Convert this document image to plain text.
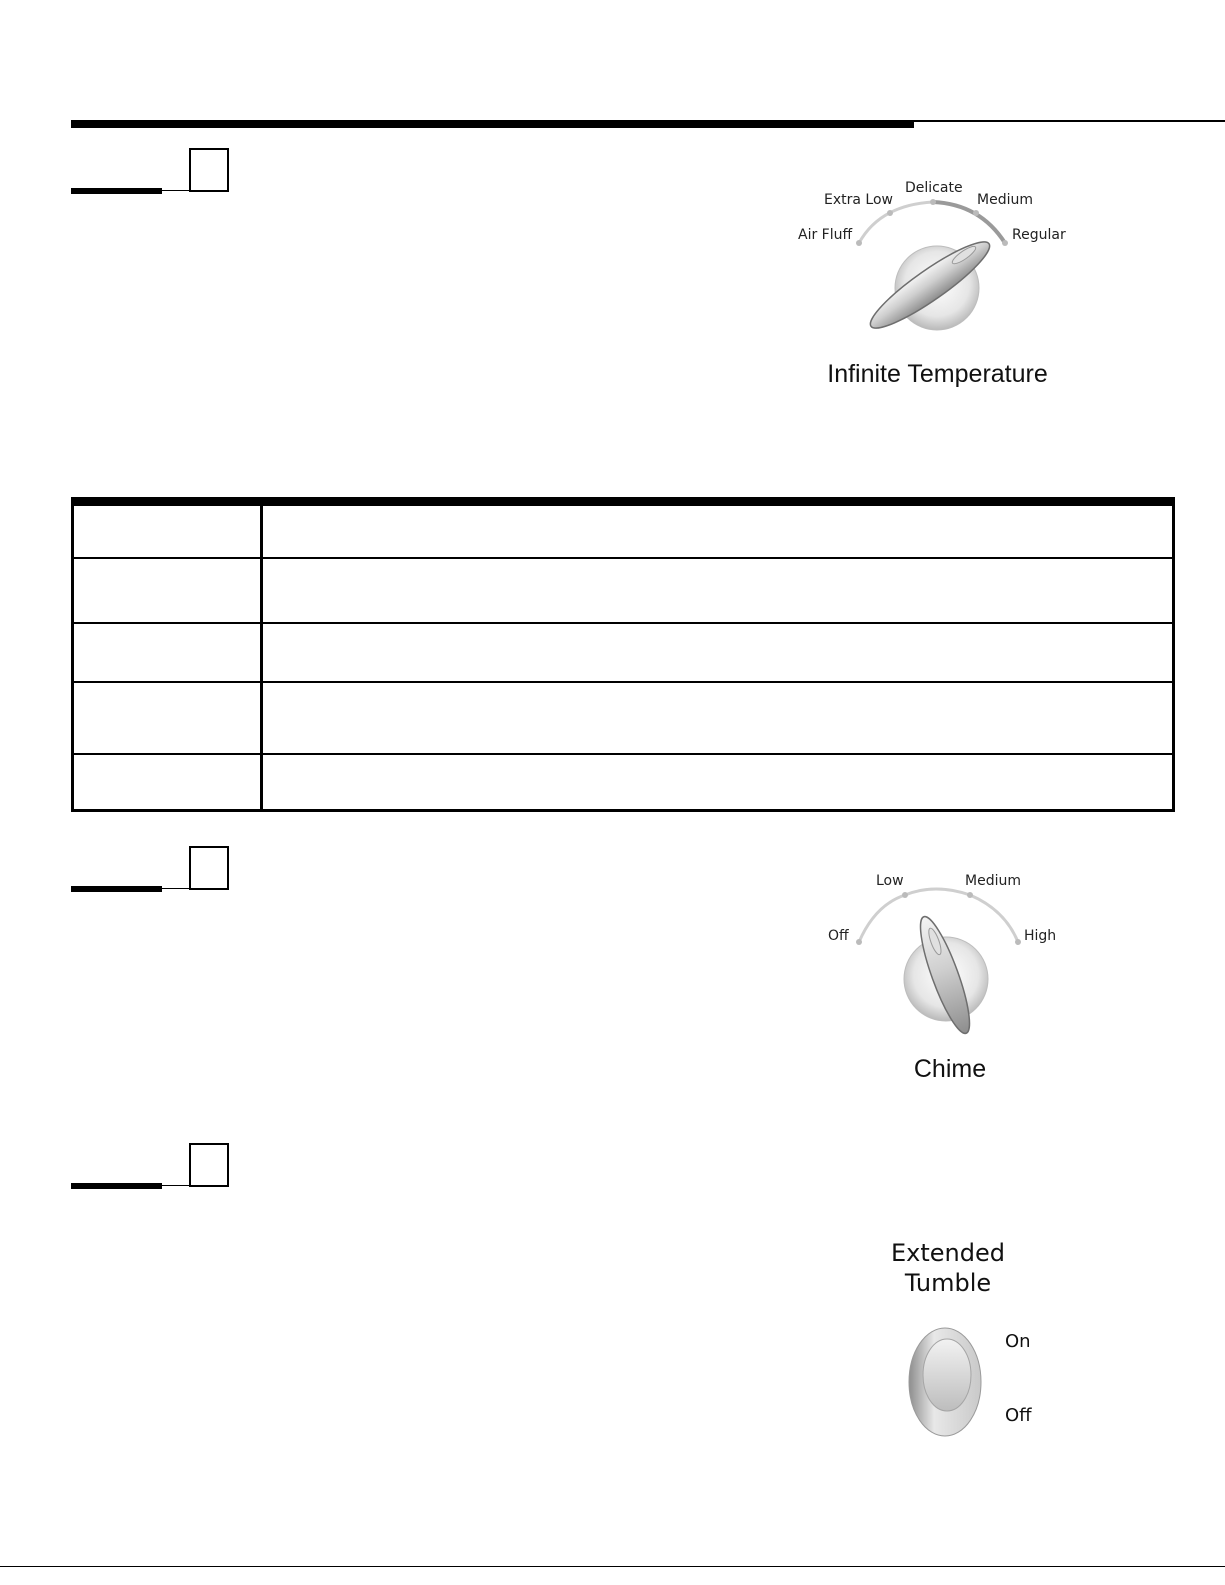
Air Fluff
Extra Low
Delicate
Medium
Regular
Infinite Temperature

Off
Low	Medium
High
Chime
Extended
Tumble
On
Off
